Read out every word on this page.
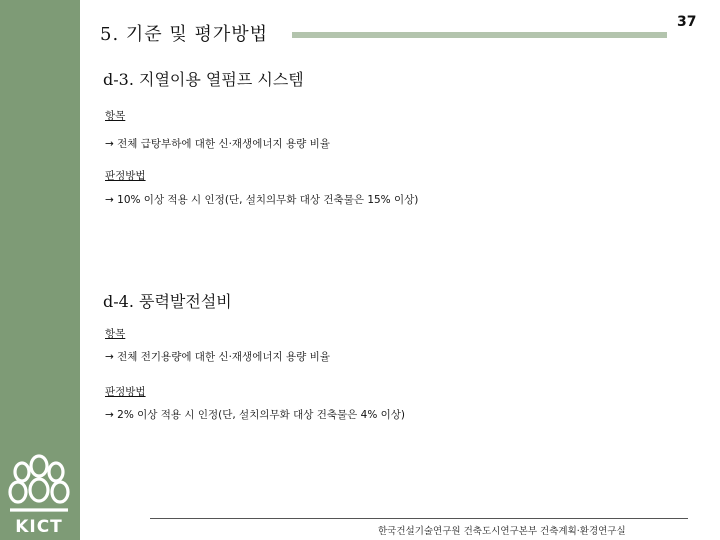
KICT
5. 기준 및 평가방법
37
d-3. 지열이용 열펌프 시스템
항목
→ 전체 급탕부하에 대한 신·재생에너지 용량 비율
판정방법
→ 10% 이상 적용 시 인정(단, 설치의무화 대상 건축물은 15% 이상)
d-4. 풍력발전설비
항목
→ 전체 전기용량에 대한 신·재생에너지 용량 비율
판정방법
→ 2% 이상 적용 시 인정(단, 설치의무화 대상 건축물은 4% 이상)
한국건설기술연구원 건축도시연구본부 건축계획·환경연구실
